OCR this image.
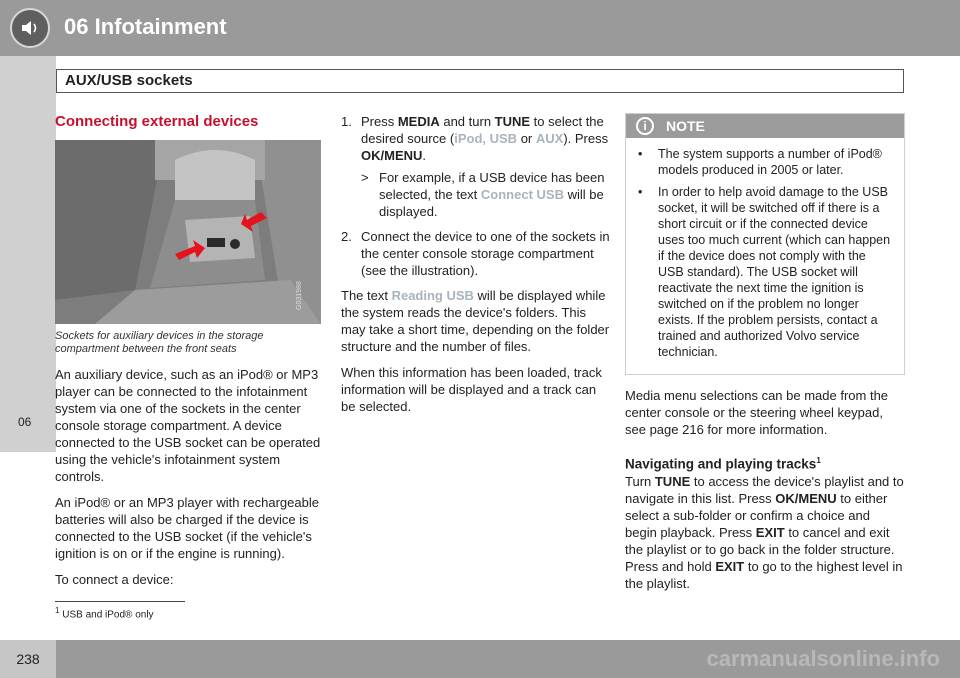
06 Infotainment
AUX/USB sockets
06
Connecting external devices
G031988
Sockets for auxiliary devices in the storage compartment between the front seats

An auxiliary device, such as an iPod® or MP3 player can be connected to the infotainment system via one of the sockets in the center console storage compartment. A device connected to the USB socket can be operated using the vehicle's infotainment system controls.

An iPod® or an MP3 player with rechargeable batteries will also be charged if the device is connected to the USB socket (if the vehicle's ignition is on or if the engine is running).

To connect a device:

1. Press MEDIA and turn TUNE to select the desired source (iPod, USB or AUX). Press OK/MENU.
> For example, if a USB device has been selected, the text Connect USB will be displayed.
2. Connect the device to one of the sockets in the center console storage compartment (see the illustration).

The text Reading USB will be displayed while the system reads the device's folders. This may take a short time, depending on the folder structure and the number of files.

When this information has been loaded, track information will be displayed and a track can be selected.

i	NOTE
• The system supports a number of iPod® models produced in 2005 or later.
• In order to help avoid damage to the USB socket, it will be switched off if there is a short circuit or if the connected device uses too much current (which can happen if the device does not comply with the USB standard). The USB socket will reactivate the next time the ignition is switched on if the problem no longer exists. If the problem persists, contact a trained and authorized Volvo service technician.

Media menu selections can be made from the center console or the steering wheel keypad, see page 216 for more information.

Navigating and playing tracks$^1$

Turn TUNE to access the device's playlist and to navigate in this list. Press OK/MENU to either select a sub-folder or confirm a choice and begin playback. Press EXIT to cancel and exit the playlist or to go back in the folder structure. Press and hold EXIT to go to the highest level in the playlist.

$^1$ USB and iPod® only
238	carmanualsonline.info
